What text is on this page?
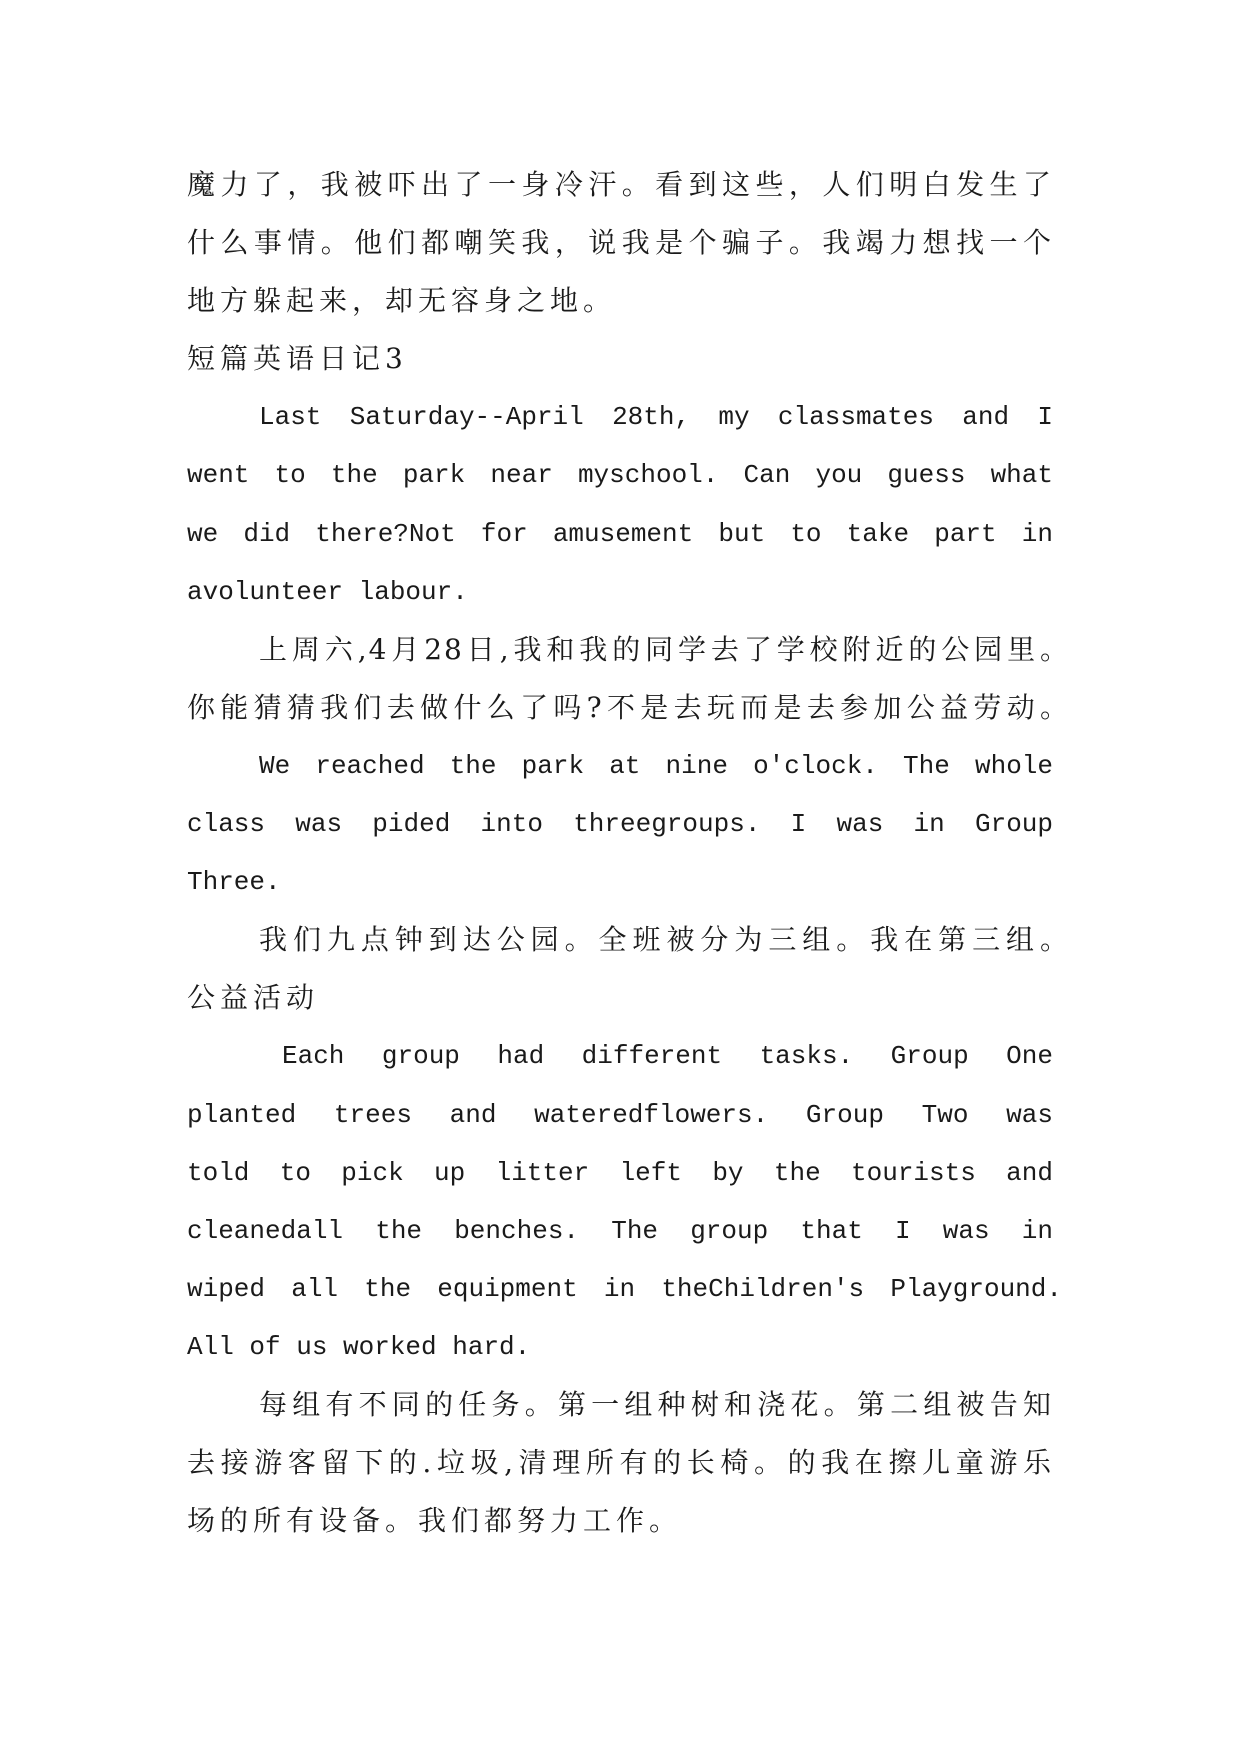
魔力了，我被吓出了一身冷汗。看到这些，人们明白发生了
什么事情。他们都嘲笑我，说我是个骗子。我竭力想找一个
地方躲起来，却无容身之地。
短篇英语日记3
Last Saturday--April 28th, my classmates and I
went to the park near myschool. Can you guess what
we did there?Not for amusement but to take part in
avolunteer labour.
上周六,4月28日,我和我的同学去了学校附近的公园里。
你能猜猜我们去做什么了吗?不是去玩而是去参加公益劳动。
We reached the park at nine o'clock. The whole
class was pided into threegroups. I was in Group
Three.
我们九点钟到达公园。全班被分为三组。我在第三组。
公益活动
Each group had different tasks. Group One
planted trees and wateredflowers. Group Two was
told to pick up litter left by the tourists and
cleanedall the benches. The group that I was in
wiped all the equipment in theChildren's Playground.
All of us worked hard.
每组有不同的任务。第一组种树和浇花。第二组被告知
去接游客留下的.垃圾,清理所有的长椅。的我在擦儿童游乐
场的所有设备。我们都努力工作。
